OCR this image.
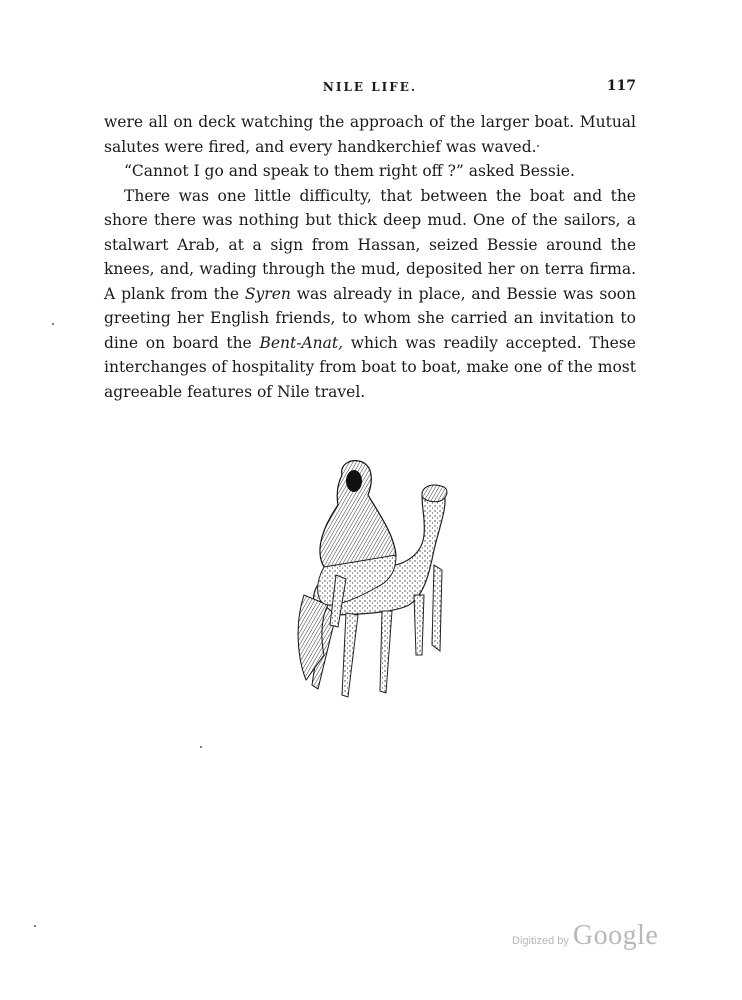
NILE LIFE.	117

were all on deck watching the approach of the larger boat. Mutual salutes were fired, and every handkerchief was waved.

“Cannot I go and speak to them right off ?” asked Bessie.

There was one little difficulty, that between the boat and the shore there was nothing but thick deep mud. One of the sailors, a stalwart Arab, at a sign from Hassan, seized Bessie around the knees, and, wading through the mud, deposited her on terra firma. A plank from the Syren was already in place, and Bessie was soon greeting her English friends, to whom she carried an invitation to dine on board the Bent-Anat, which was readily accepted. These interchanges of hospitality from boat to boat, make one of the most agreeable features of Nile travel.

Digitized by Google
